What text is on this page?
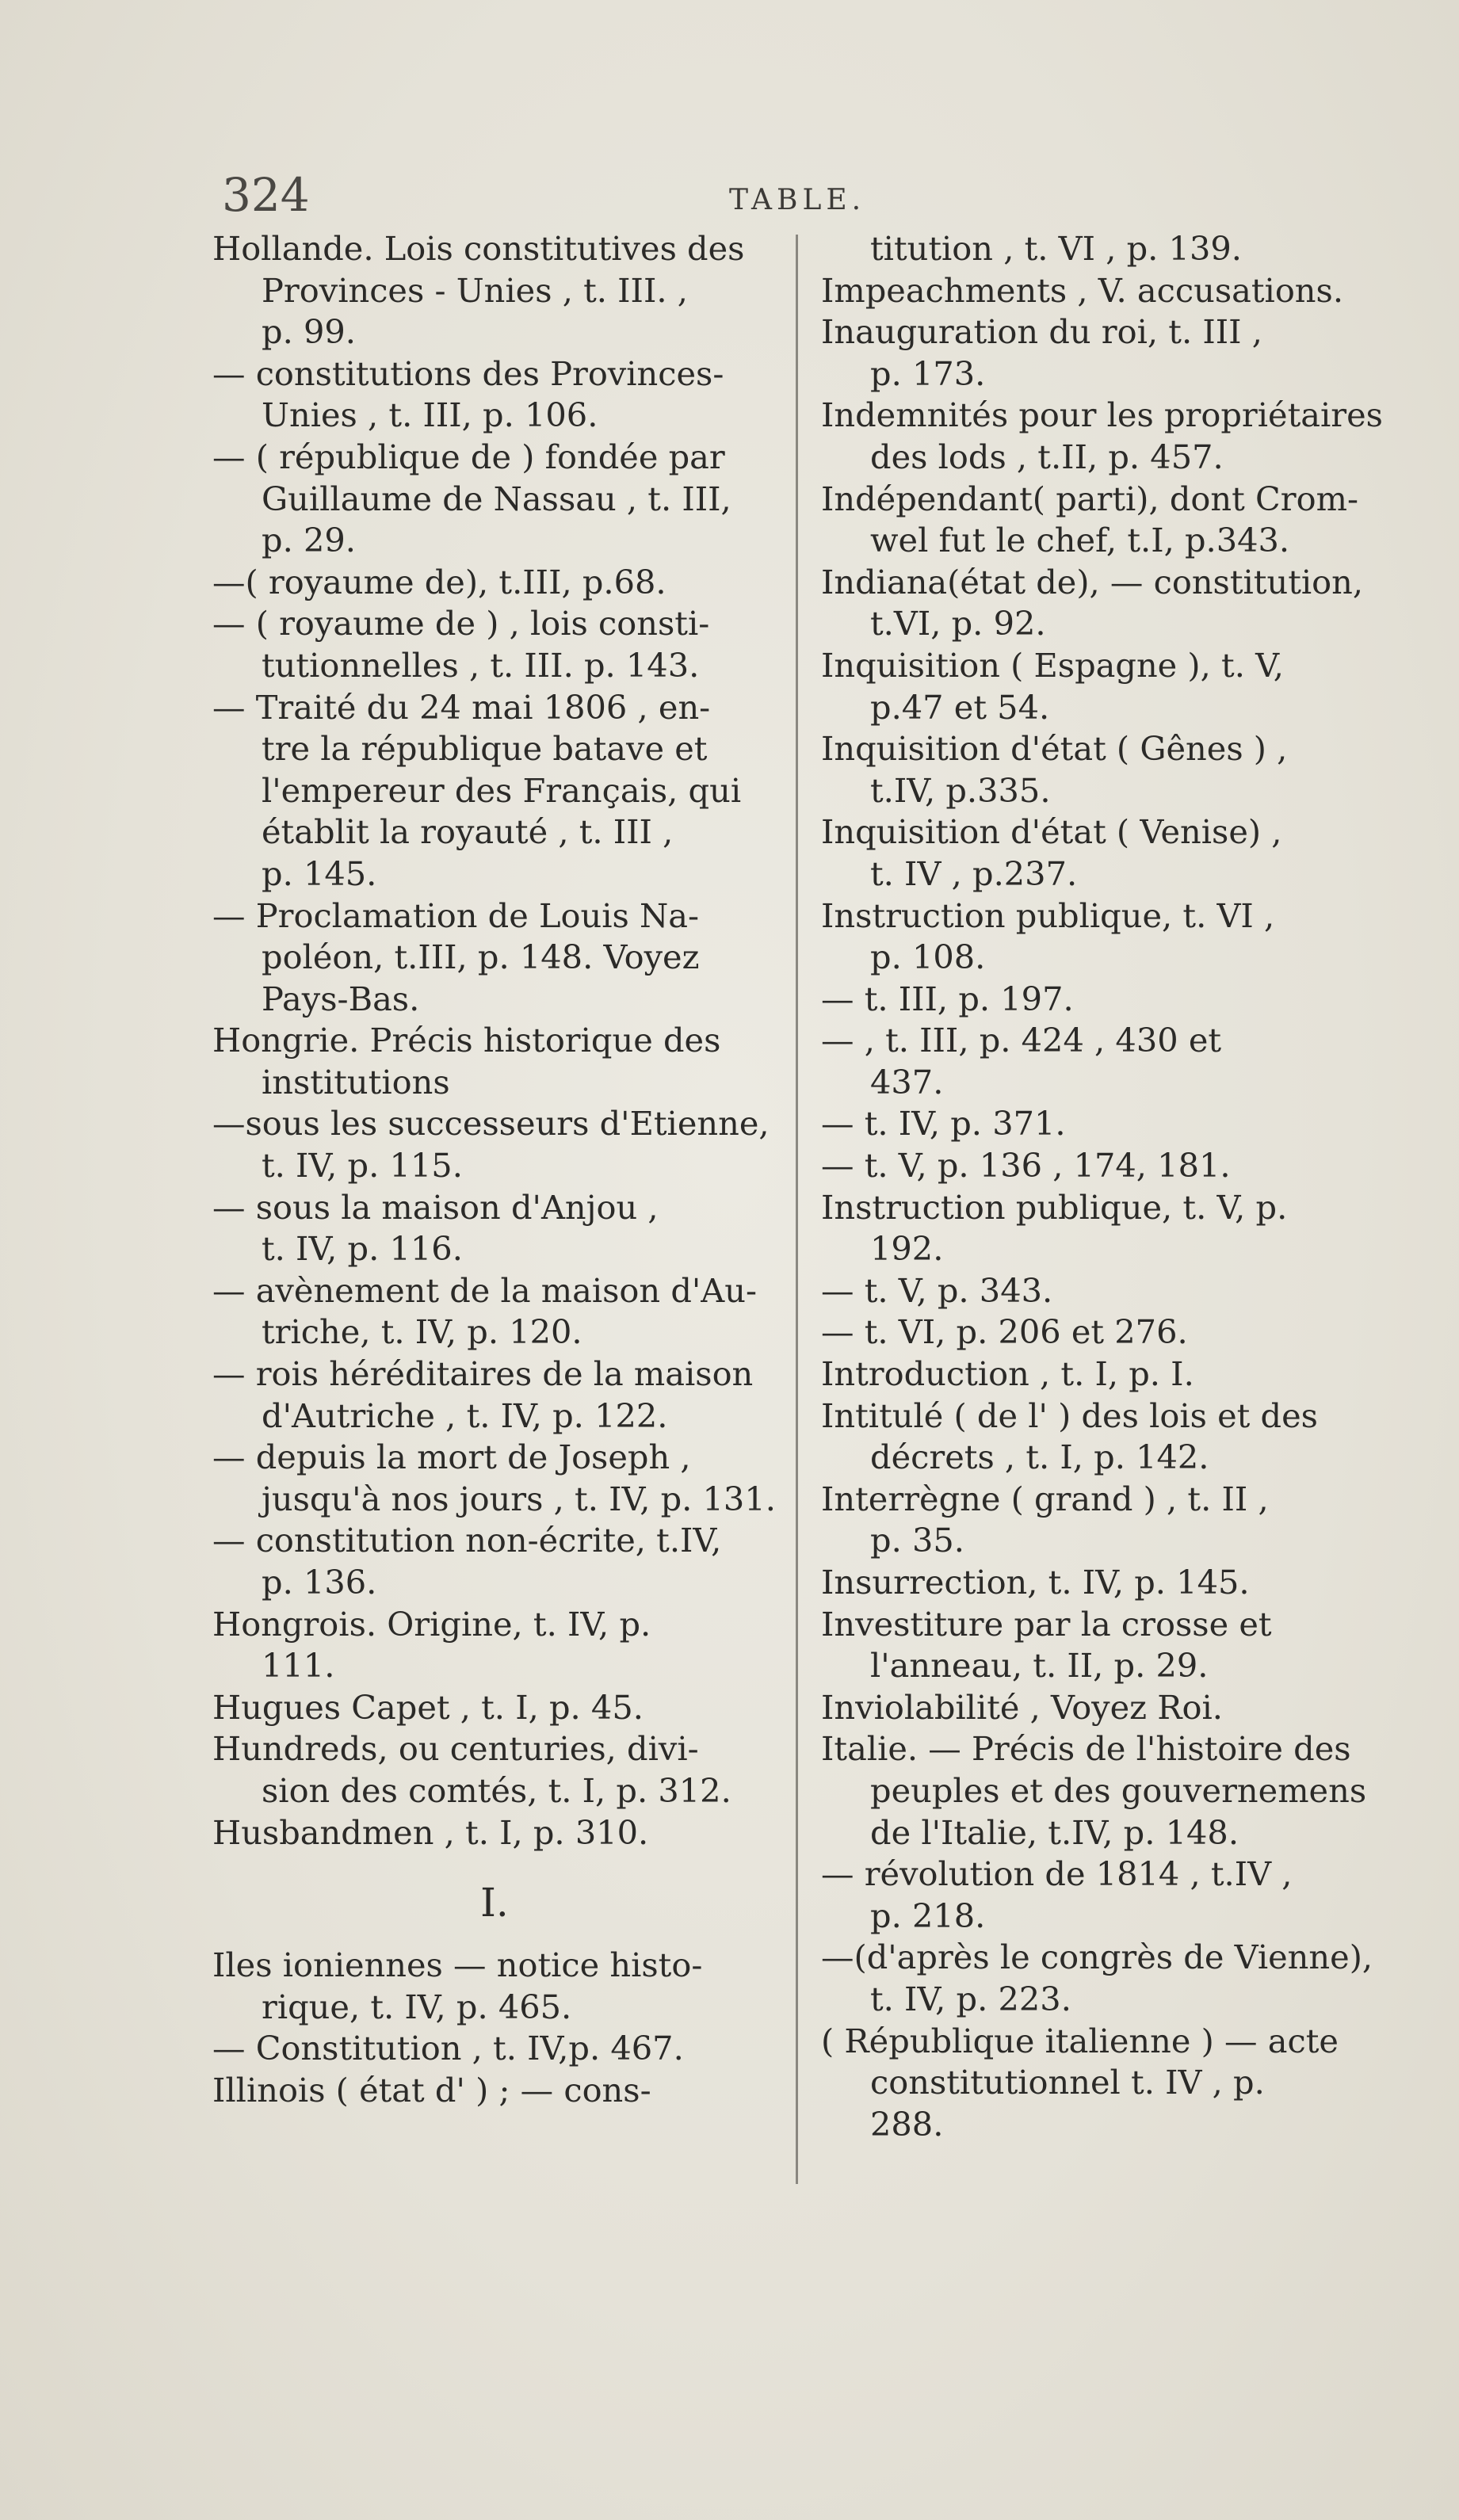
324	TABLE.
Hollande. Lois constitutives des
Provinces - Unies , t. III. ,
p. 99.
— constitutions des Provinces-
Unies , t. III, p. 106.
— ( république de ) fondée par
Guillaume de Nassau , t. III,
p. 29.
—( royaume de), t.III, p.68.
— ( royaume de ) , lois consti-
tutionnelles , t. III. p. 143.
— Traité du 24 mai 1806 , en-
tre la république batave et
l'empereur des Français, qui
établit la royauté , t. III ,
p. 145.
— Proclamation de Louis Na-
poléon, t.III, p. 148. Voyez
Pays-Bas.
Hongrie. Précis historique des
institutions
—sous les successeurs d'Etienne,
t. IV, p. 115.
— sous la maison d'Anjou ,
t. IV, p. 116.
— avènement de la maison d'Au-
triche, t. IV, p. 120.
— rois héréditaires de la maison
d'Autriche , t. IV, p. 122.
— depuis la mort de Joseph ,
jusqu'à nos jours , t. IV, p. 131.
— constitution non-écrite, t.IV,
p. 136.
Hongrois. Origine, t. IV, p.
111.
Hugues Capet , t. I, p. 45.
Hundreds, ou centuries, divi-
sion des comtés, t. I, p. 312.
Husbandmen , t. I, p. 310.
I.
Iles ioniennes — notice histo-
rique, t. IV, p. 465.
— Constitution , t. IV,p. 467.
Illinois ( état d' ) ; — cons-
titution , t. VI , p. 139.
Impeachments , V. accusations.
Inauguration du roi, t. III ,
p. 173.
Indemnités pour les propriétaires
des lods , t.II, p. 457.
Indépendant( parti), dont Crom-
wel fut le chef, t.I, p.343.
Indiana(état de), — constitution,
t.VI, p. 92.
Inquisition ( Espagne ), t. V,
p.47 et 54.
Inquisition d'état ( Gênes ) ,
t.IV, p.335.
Inquisition d'état ( Venise) ,
t. IV , p.237.
Instruction publique, t. VI ,
p. 108.
— t. III, p. 197.
— , t. III, p. 424 , 430 et
437.
— t. IV, p. 371.
— t. V, p. 136 , 174, 181.
Instruction publique, t. V, p.
192.
— t. V, p. 343.
— t. VI, p. 206 et 276.
Introduction , t. I, p. I.
Intitulé ( de l' ) des lois et des
décrets , t. I, p. 142.
Interrègne ( grand ) , t. II ,
p. 35.
Insurrection, t. IV, p. 145.
Investiture par la crosse et
l'anneau, t. II, p. 29.
Inviolabilité , Voyez Roi.
Italie. — Précis de l'histoire des
peuples et des gouvernemens
de l'Italie, t.IV, p. 148.
— révolution de 1814 , t.IV ,
p. 218.
—(d'après le congrès de Vienne),
t. IV, p. 223.
( République italienne ) — acte
constitutionnel t. IV , p.
288.
